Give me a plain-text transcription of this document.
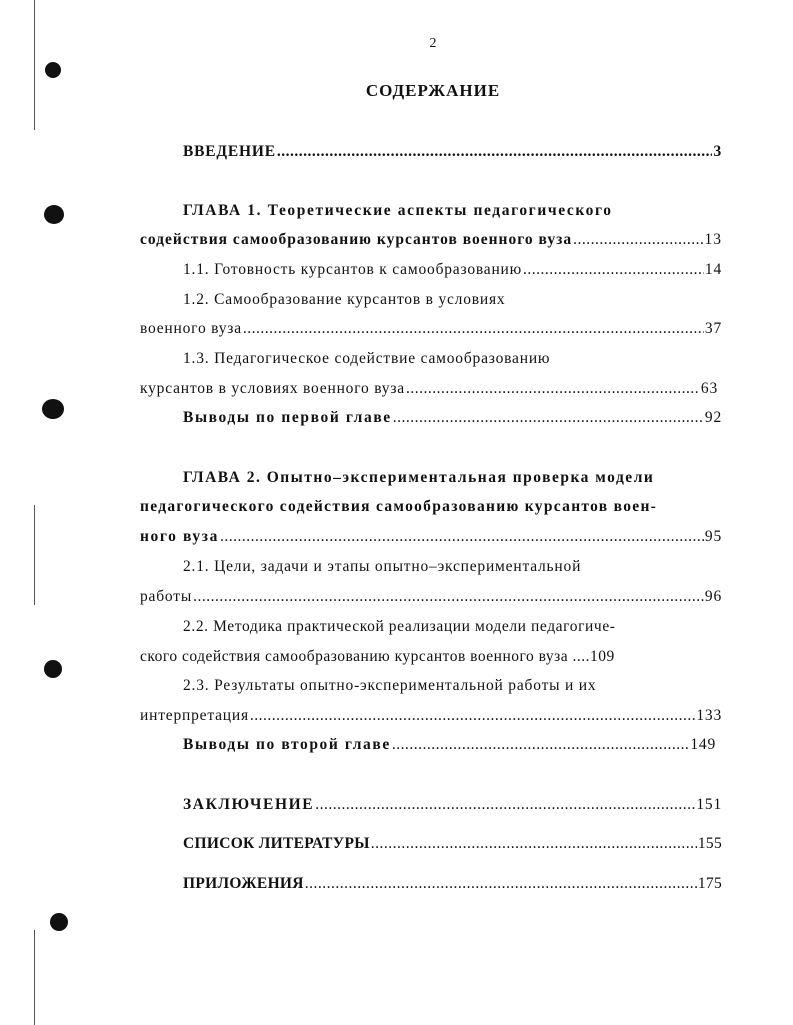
2
СОДЕРЖАНИЕ
ВВЕДЕНИЕ .....	3
ГЛАВА 1. Теоретические аспекты педагогического
содействия самообразованию курсантов военного вуза .....	13
1.1. Готовность курсантов к самообразованию .....	14
1.2. Самообразование курсантов в условиях
военного вуза .....	37
1.3. Педагогическое содействие самообразованию
курсантов в условиях военного вуза .....	63
Выводы по первой главе .....	92
ГЛАВА 2. Опытно–экспериментальная проверка модели
педагогического содействия самообразованию курсантов воен-
ного вуза .....	95
2.1. Цели, задачи и этапы опытно–экспериментальной
работы .....	96
2.2. Методика практической реализации модели педагогиче-
ского содействия самообразованию курсантов военного вуза .... 109
2.3. Результаты опытно-экспериментальной работы и их
интерпретация .....	133
Выводы по второй главе .....	149
ЗАКЛЮЧЕНИЕ .....	151
СПИСОК ЛИТЕРАТУРЫ .....	155
ПРИЛОЖЕНИЯ .....	175
